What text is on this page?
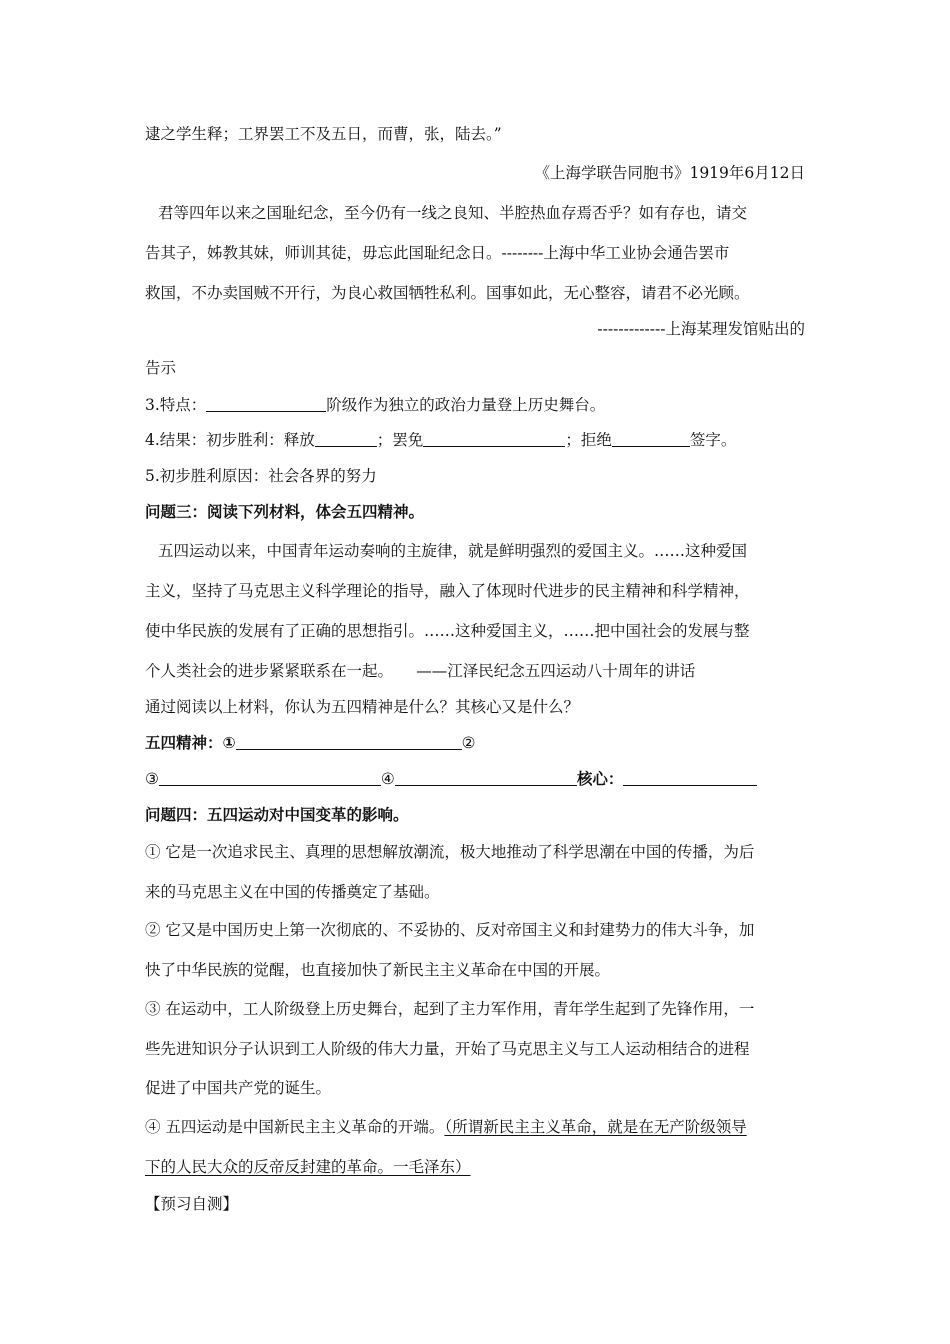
逮之学生释；工界罢工不及五日，而曹，张，陆去。”
《上海学联告同胞书》1919年6月12日
君等四年以来之国耻纪念，至今仍有一线之良知、半腔热血存焉否乎？如有存也，请交
告其子，姊教其妹，师训其徒，毋忘此国耻纪念日。--------上海中华工业协会通告罢市
救国，不办卖国贼不开行，为良心救国牺牲私利。国事如此，无心整容，请君不必光顾。
-------------上海某理发馆贴出的
告示
3.特点：	阶级作为独立的政治力量登上历史舞台。
4.结果：初步胜利：释放	；罢免	；拒绝	签字。
5.初步胜利原因：社会各界的努力
问题三：阅读下列材料，体会五四精神。
五四运动以来，中国青年运动奏响的主旋律，就是鲜明强烈的爱国主义。……这种爱国
主义，坚持了马克思主义科学理论的指导，融入了体现时代进步的民主精神和科学精神，
使中华民族的发展有了正确的思想指引。……这种爱国主义，……把中国社会的发展与整
个人类社会的进步紧紧联系在一起。　　——江泽民纪念五四运动八十周年的讲话
通过阅读以上材料，你认为五四精神是什么？其核心又是什么？
五四精神：①	②
③	④	核心：
问题四：五四运动对中国变革的影响。
① 它是一次追求民主、真理的思想解放潮流，极大地推动了科学思潮在中国的传播，为后
来的马克思主义在中国的传播奠定了基础。
② 它又是中国历史上第一次彻底的、不妥协的、反对帝国主义和封建势力的伟大斗争，加
快了中华民族的觉醒，也直接加快了新民主主义革命在中国的开展。
③ 在运动中，工人阶级登上历史舞台，起到了主力军作用，青年学生起到了先锋作用，一
些先进知识分子认识到工人阶级的伟大力量，开始了马克思主义与工人运动相结合的进程
促进了中国共产党的诞生。
④ 五四运动是中国新民主主义革命的开端。（所谓新民主主义革命，就是在无产阶级领导
下的人民大众的反帝反封建的革命。一毛泽东）
【预习自测】
